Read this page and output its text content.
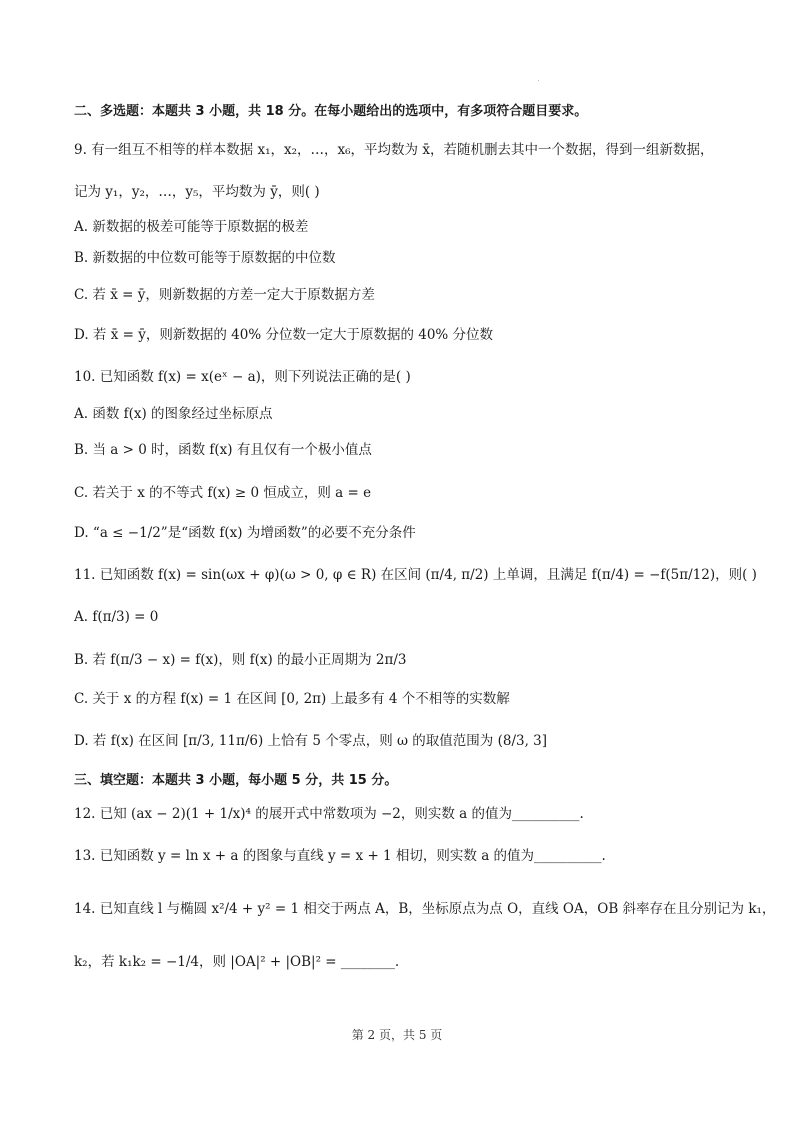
二、多选题：本题共 3 小题，共 18 分。在每小题给出的选项中，有多项符合题目要求。
9. 有一组互不相等的样本数据 x₁，x₂，…，x₆，平均数为 x̄，若随机删去其中一个数据，得到一组新数据，
记为 y₁，y₂，…，y₅，平均数为 ȳ，则( )
A. 新数据的极差可能等于原数据的极差
B. 新数据的中位数可能等于原数据的中位数
C. 若 x̄ = ȳ，则新数据的方差一定大于原数据方差
D. 若 x̄ = ȳ，则新数据的 40% 分位数一定大于原数据的 40% 分位数
10. 已知函数 f(x) = x(eˣ − a)，则下列说法正确的是( )
A. 函数 f(x) 的图象经过坐标原点
B. 当 a > 0 时，函数 f(x) 有且仅有一个极小值点
C. 若关于 x 的不等式 f(x) ≥ 0 恒成立，则 a = e
D. “a ≤ −1/2”是“函数 f(x) 为增函数”的必要不充分条件
11. 已知函数 f(x) = sin(ωx + φ)(ω > 0, φ ∈ R) 在区间 (π/4, π/2) 上单调，且满足 f(π/4) = −f(5π/12)，则( )
A. f(π/3) = 0
B. 若 f(π/3 − x) = f(x)，则 f(x) 的最小正周期为 2π/3
C. 关于 x 的方程 f(x) = 1 在区间 [0, 2π) 上最多有 4 个不相等的实数解
D. 若 f(x) 在区间 [π/3, 11π/6) 上恰有 5 个零点，则 ω 的取值范围为 (8/3, 3]
三、填空题：本题共 3 小题，每小题 5 分，共 15 分。
12. 已知 (ax − 2)(1 + 1/x)⁴ 的展开式中常数项为 −2，则实数 a 的值为__________.
13. 已知函数 y = ln x + a 的图象与直线 y = x + 1 相切，则实数 a 的值为__________.
14. 已知直线 l 与椭圆 x²/4 + y² = 1 相交于两点 A，B，坐标原点为点 O，直线 OA，OB 斜率存在且分别记为 k₁，
k₂，若 k₁k₂ = −1/4，则 |OA|² + |OB|² = ________.
第 2 页，共 5 页
